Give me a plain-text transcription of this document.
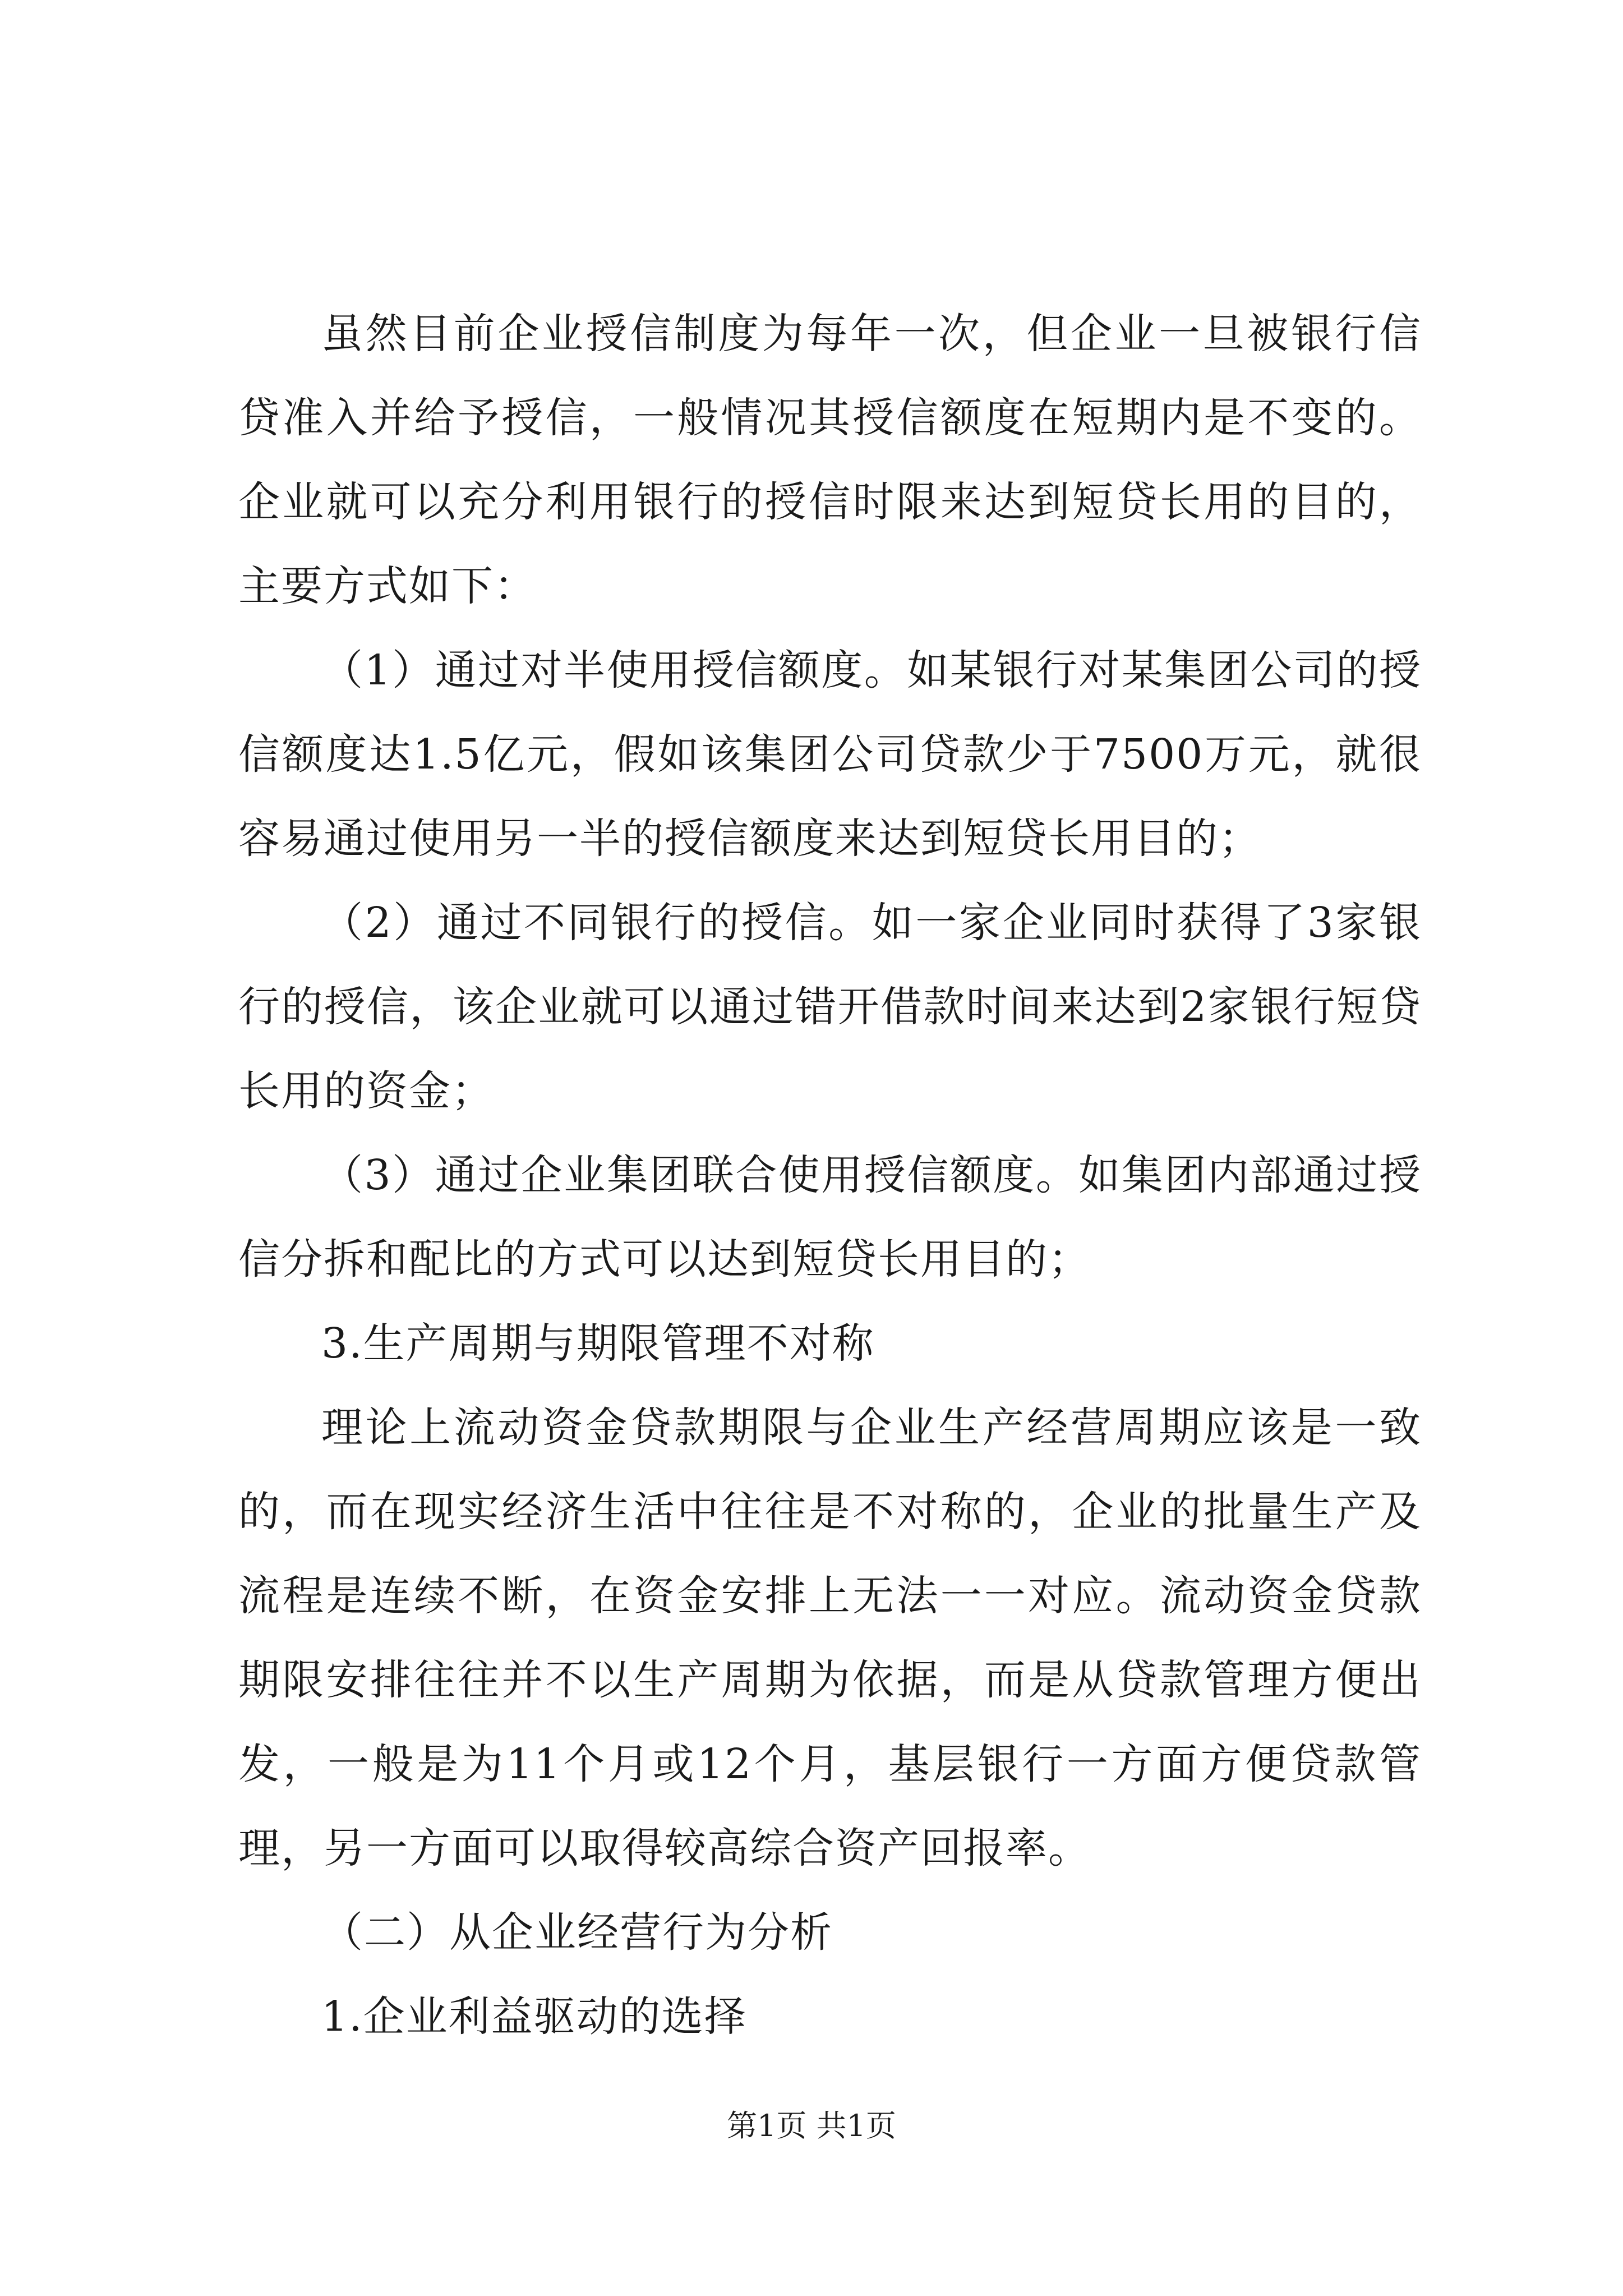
虽然目前企业授信制度为每年一次，但企业一旦被银行信贷准入并给予授信，一般情况其授信额度在短期内是不变的。企业就可以充分利用银行的授信时限来达到短贷长用的目的，主要方式如下：

（1）通过对半使用授信额度。如某银行对某集团公司的授信额度达1.5亿元，假如该集团公司贷款少于7500万元，就很容易通过使用另一半的授信额度来达到短贷长用目的；

（2）通过不同银行的授信。如一家企业同时获得了3家银行的授信，该企业就可以通过错开借款时间来达到2家银行短贷长用的资金；

（3）通过企业集团联合使用授信额度。如集团内部通过授信分拆和配比的方式可以达到短贷长用目的；

3.生产周期与期限管理不对称

理论上流动资金贷款期限与企业生产经营周期应该是一致的，而在现实经济生活中往往是不对称的，企业的批量生产及流程是连续不断，在资金安排上无法一一对应。流动资金贷款期限安排往往并不以生产周期为依据，而是从贷款管理方便出发，一般是为11个月或12个月，基层银行一方面方便贷款管理，另一方面可以取得较高综合资产回报率。

（二）从企业经营行为分析

1.企业利益驱动的选择

第1页 共1页
